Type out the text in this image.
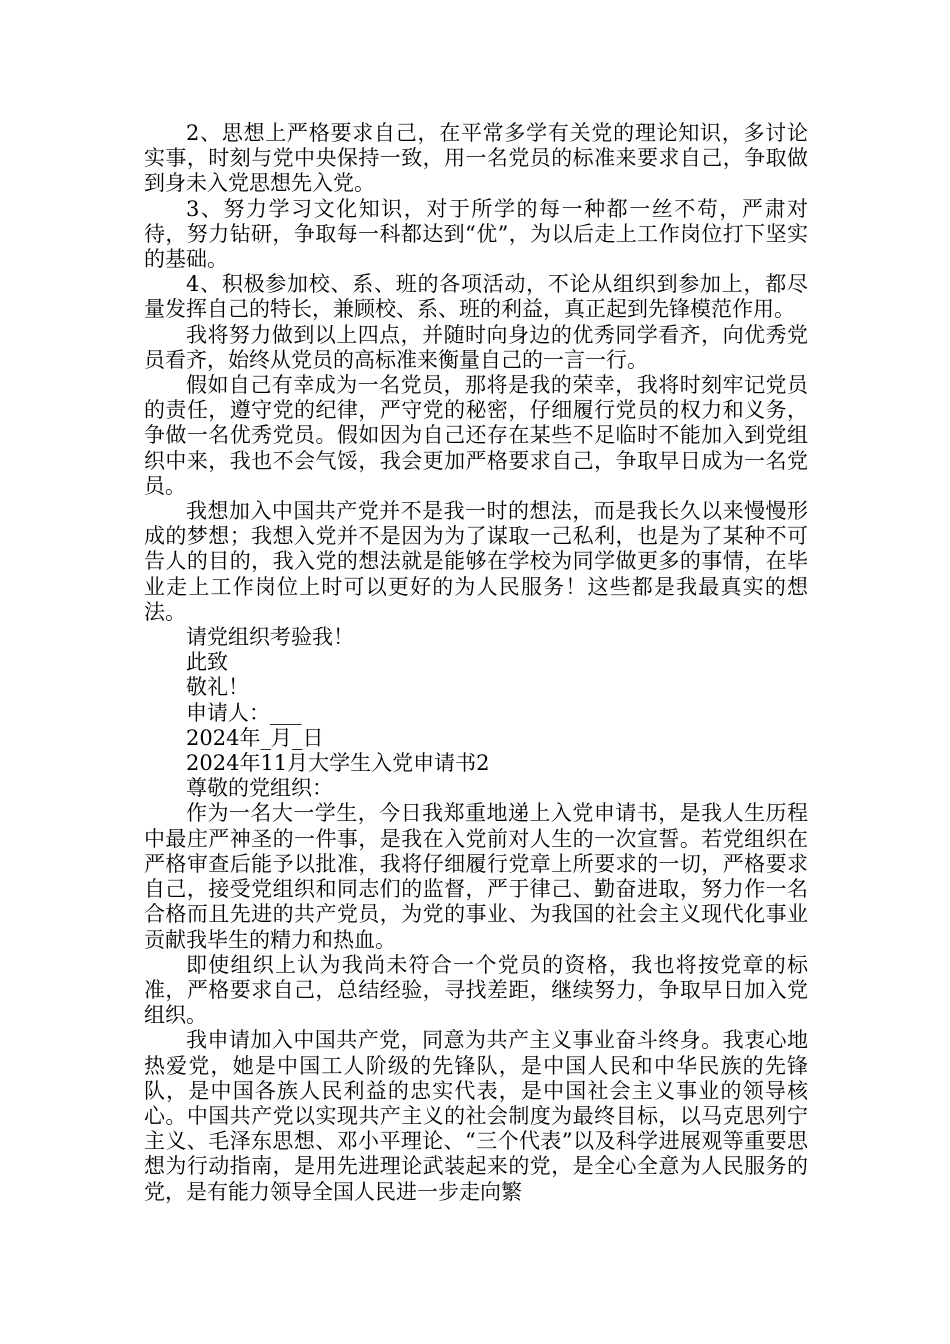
2、思想上严格要求自己，在平常多学有关党的理论知识，多讨论实事，时刻与党中央保持一致，用一名党员的标准来要求自己，争取做到身未入党思想先入党。

3、努力学习文化知识，对于所学的每一种都一丝不苟，严肃对待，努力钻研，争取每一科都达到“优”，为以后走上工作岗位打下坚实的基础。

4、积极参加校、系、班的各项活动，不论从组织到参加上，都尽量发挥自己的特长，兼顾校、系、班的利益，真正起到先锋模范作用。

我将努力做到以上四点，并随时向身边的优秀同学看齐，向优秀党员看齐，始终从党员的高标准来衡量自己的一言一行。

假如自己有幸成为一名党员，那将是我的荣幸，我将时刻牢记党员的责任，遵守党的纪律，严守党的秘密，仔细履行党员的权力和义务，争做一名优秀党员。假如因为自己还存在某些不足临时不能加入到党组织中来，我也不会气馁，我会更加严格要求自己，争取早日成为一名党员。

我想加入中国共产党并不是我一时的想法，而是我长久以来慢慢形成的梦想；我想入党并不是因为为了谋取一己私利，也是为了某种不可告人的目的，我入党的想法就是能够在学校为同学做更多的事情，在毕业走上工作岗位上时可以更好的为人民服务！这些都是我最真实的想法。

请党组织考验我！

此致

敬礼！

申请人：___

2024年_月_日

2024年11月大学生入党申请书2

尊敬的党组织：

作为一名大一学生，今日我郑重地递上入党申请书，是我人生历程中最庄严神圣的一件事，是我在入党前对人生的一次宣誓。若党组织在严格审查后能予以批准，我将仔细履行党章上所要求的一切，严格要求自己，接受党组织和同志们的监督，严于律己、勤奋进取，努力作一名合格而且先进的共产党员，为党的事业、为我国的社会主义现代化事业贡献我毕生的精力和热血。

即使组织上认为我尚未符合一个党员的资格，我也将按党章的标准，严格要求自己，总结经验，寻找差距，继续努力，争取早日加入党组织。

我申请加入中国共产党，同意为共产主义事业奋斗终身。我衷心地热爱党，她是中国工人阶级的先锋队，是中国人民和中华民族的先锋队，是中国各族人民利益的忠实代表，是中国社会主义事业的领导核心。中国共产党以实现共产主义的社会制度为最终目标，以马克思列宁主义、毛泽东思想、邓小平理论、“三个代表”以及科学进展观等重要思想为行动指南，是用先进理论武装起来的党，是全心全意为人民服务的党，是有能力领导全国人民进一步走向繁
